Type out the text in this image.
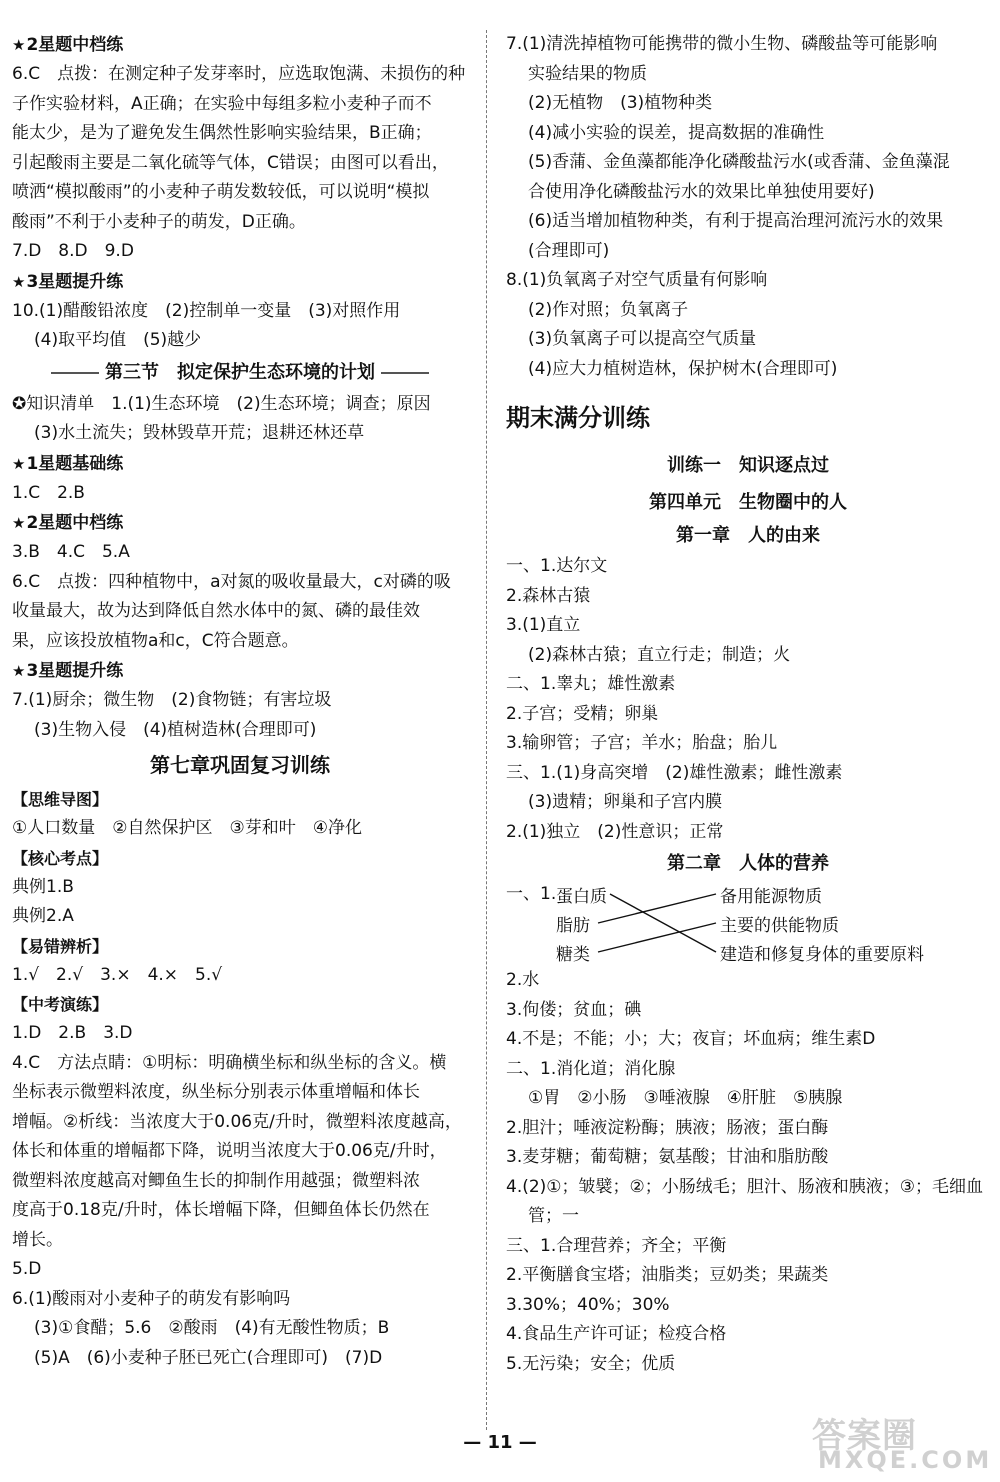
★2星题中档练
6.C　点拨：在测定种子发芽率时，应选取饱满、未损伤的种
子作实验材料，A正确；在实验中每组多粒小麦种子而不
能太少，是为了避免发生偶然性影响实验结果，B正确；
引起酸雨主要是二氧化硫等气体，C错误；由图可以看出，
喷洒“模拟酸雨”的小麦种子萌发数较低，可以说明“模拟
酸雨”不利于小麦种子的萌发，D正确。
7.D　8.D　9.D
★3星题提升练
10.(1)醋酸铅浓度　(2)控制单一变量　(3)对照作用
(4)取平均值　(5)越少
第三节　拟定保护生态环境的计划
✪知识清单　1.(1)生态环境　(2)生态环境；调查；原因
(3)水土流失；毁林毁草开荒；退耕还林还草
★1星题基础练
1.C　2.B
★2星题中档练
3.B　4.C　5.A
6.C　点拨：四种植物中，a对氮的吸收量最大，c对磷的吸
收量最大，故为达到降低自然水体中的氮、磷的最佳效
果，应该投放植物a和c，C符合题意。
★3星题提升练
7.(1)厨余；微生物　(2)食物链；有害垃圾
(3)生物入侵　(4)植树造林(合理即可)
第七章巩固复习训练
【思维导图】
①人口数量　②自然保护区　③芽和叶　④净化
【核心考点】
典例1.B
典例2.A
【易错辨析】
1.√　2.√　3.×　4.×　5.√
【中考演练】
1.D　2.B　3.D
4.C　方法点睛：①明标：明确横坐标和纵坐标的含义。横
坐标表示微塑料浓度，纵坐标分别表示体重增幅和体长
增幅。②析线：当浓度大于0.06克/升时，微塑料浓度越高，
体长和体重的增幅都下降，说明当浓度大于0.06克/升时，
微塑料浓度越高对鲫鱼生长的抑制作用越强；微塑料浓
度高于0.18克/升时，体长增幅下降，但鲫鱼体长仍然在
增长。
5.D
6.(1)酸雨对小麦种子的萌发有影响吗
(3)①食醋；5.6　②酸雨　(4)有无酸性物质；B
(5)A　(6)小麦种子胚已死亡(合理即可)　(7)D
7.(1)清洗掉植物可能携带的微小生物、磷酸盐等可能影响
实验结果的物质
(2)无植物　(3)植物种类
(4)减小实验的误差，提高数据的准确性
(5)香蒲、金鱼藻都能净化磷酸盐污水(或香蒲、金鱼藻混
合使用净化磷酸盐污水的效果比单独使用要好)
(6)适当增加植物种类，有利于提高治理河流污水的效果
(合理即可)
8.(1)负氧离子对空气质量有何影响
(2)作对照；负氧离子
(3)负氧离子可以提高空气质量
(4)应大力植树造林，保护树木(合理即可)
期末满分训练
训练一　知识逐点过
第四单元　生物圈中的人
第一章　人的由来
一、1.达尔文
2.森林古猿
3.(1)直立
(2)森林古猿；直立行走；制造；火
二、1.睾丸；雄性激素
2.子宫；受精；卵巢
3.输卵管；子宫；羊水；胎盘；胎儿
三、1.(1)身高突增　(2)雄性激素；雌性激素
(3)遗精；卵巢和子宫内膜
2.(1)独立　(2)性意识；正常
第二章　人体的营养
一、1. 蛋白质
脂肪
糖类
备用能源物质
主要的供能物质
建造和修复身体的重要原料
2.水
3.佝偻；贫血；碘
4.不是；不能；小；大；夜盲；坏血病；维生素D
二、1.消化道；消化腺
①胃　②小肠　③唾液腺　④肝脏　⑤胰腺
2.胆汁；唾液淀粉酶；胰液；肠液；蛋白酶
3.麦芽糖；葡萄糖；氨基酸；甘油和脂肪酸
4.(2)①；皱襞；②；小肠绒毛；胆汁、肠液和胰液；③；毛细血
管；一
三、1.合理营养；齐全；平衡
2.平衡膳食宝塔；油脂类；豆奶类；果蔬类
3.30%；40%；30%
4.食品生产许可证；检疫合格
5.无污染；安全；优质
— 11 —	答案圈
MXQE.COM
